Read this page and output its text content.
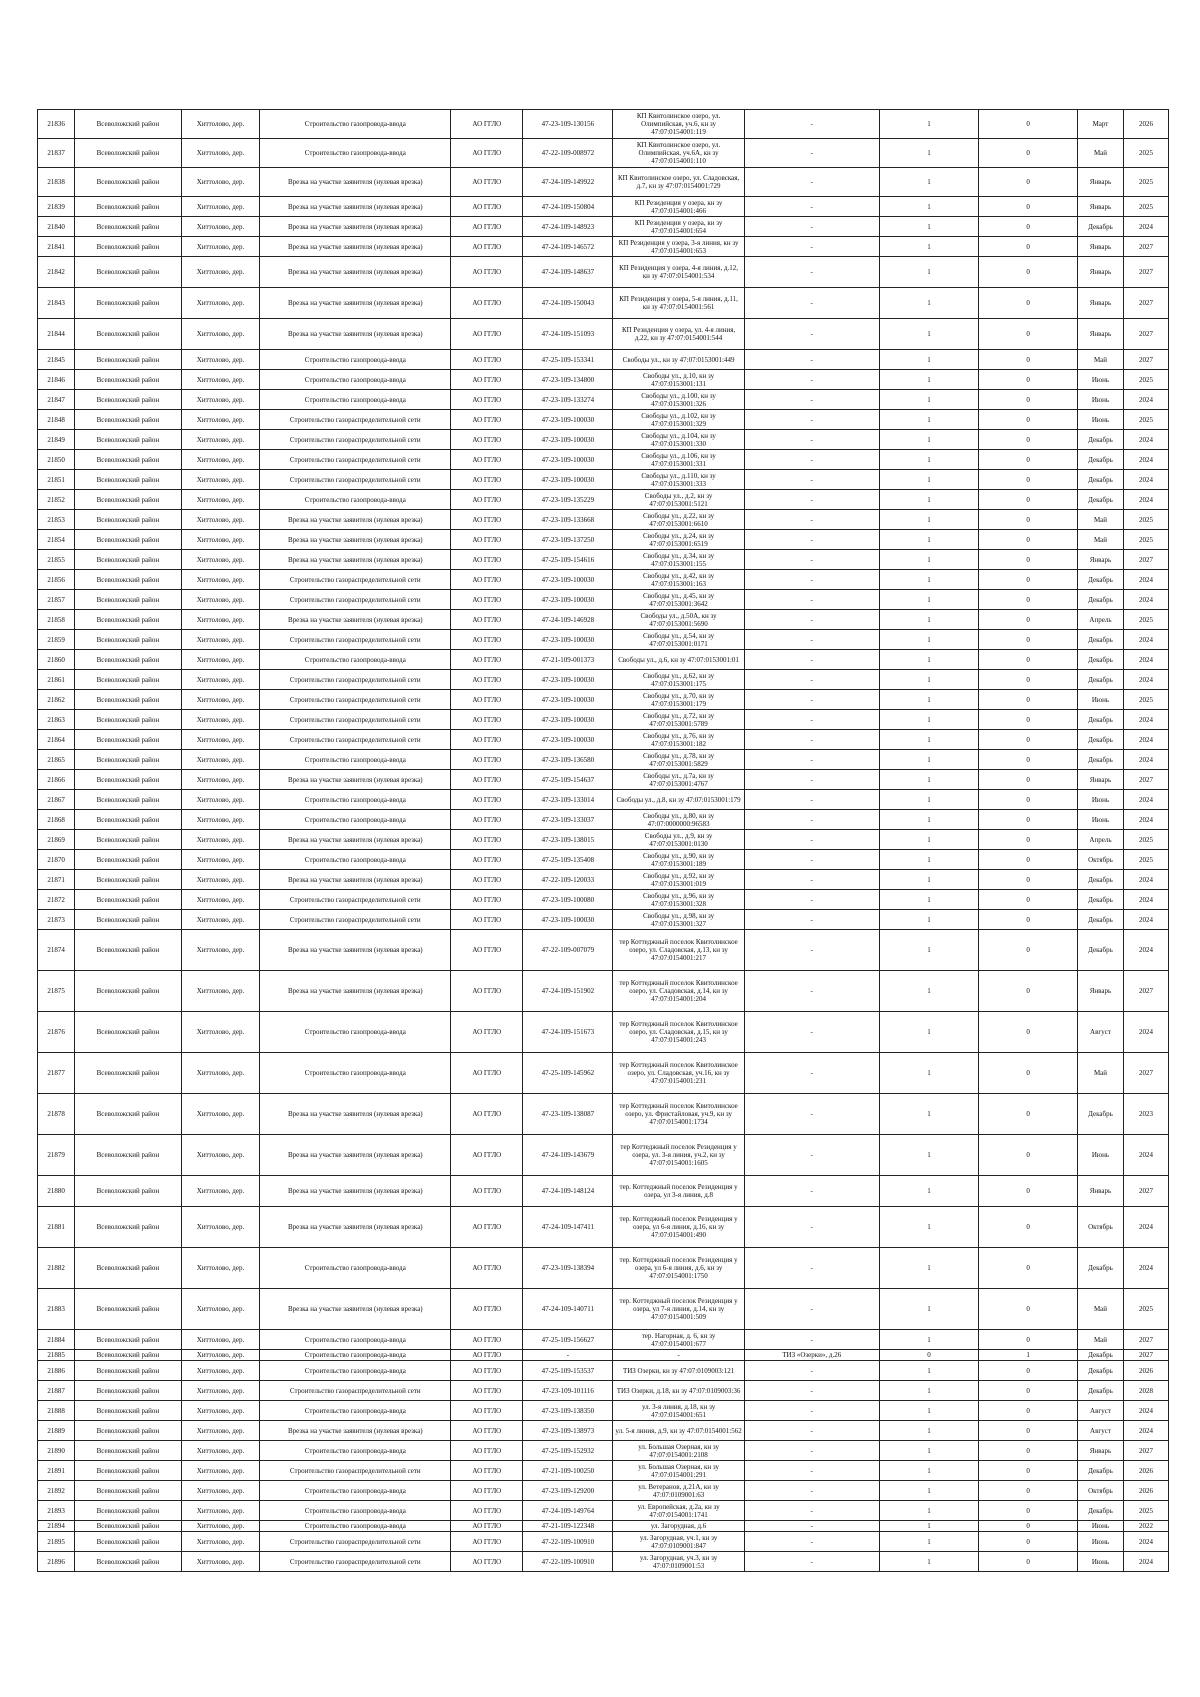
21836	Всеволожский район	Хиттолово, дер.	Строительство газопровода-ввода	АО ГГЛО	47-23-109-130156	КП Квитолинское озеро, ул. Олимпийская, уч.6, кн зу 47:07:0154001:119	-	1	0	Март	2026
21837	Всеволожский район	Хиттолово, дер.	Строительство газопровода-ввода	АО ГГЛО	47-22-109-008972	КП Квитолинское озеро, ул. Олимпийская, уч.6А, кн зу 47:07:0154001:110	-	1	0	Май	2025
21838	Всеволожский район	Хиттолово, дер.	Врезка на участке заявителя (нулевая врезка)	АО ГГЛО	47-24-109-149922	КП Квитолинское озеро, ул. Сладовская, д.7, кн зу 47:07:0154001:729	-	1	0	Январь	2025
21839	Всеволожский район	Хиттолово, дер.	Врезка на участке заявителя (нулевая врезка)	АО ГГЛО	47-24-109-150804	КП Резиденция у озера, кн зу 47:07:0154001:466	-	1	0	Январь	2025
21840	Всеволожский район	Хиттолово, дер.	Врезка на участке заявителя (нулевая врезка)	АО ГГЛО	47-24-109-148923	КП Резиденция у озера, кн зу 47:07:0154001:654	-	1	0	Декабрь	2024
21841	Всеволожский район	Хиттолово, дер.	Врезка на участке заявителя (нулевая врезка)	АО ГГЛО	47-24-109-146572	КП Резиденция у озера, 3-я линия, кн зу 47:07:0154001:653	-	1	0	Январь	2027
21842	Всеволожский район	Хиттолово, дер.	Врезка на участке заявителя (нулевая врезка)	АО ГГЛО	47-24-109-148637	КП Резиденция у озера, 4-я линия, д.12, кн зу 47:07:0154001:534	-	1	0	Январь	2027
21843	Всеволожский район	Хиттолово, дер.	Врезка на участке заявителя (нулевая врезка)	АО ГГЛО	47-24-109-150043	КП Резиденция у озера, 5-я линия, д.11, кн зу 47:07:0154001:561	-	1	0	Январь	2027
21844	Всеволожский район	Хиттолово, дер.	Врезка на участке заявителя (нулевая врезка)	АО ГГЛО	47-24-109-151093	КП Резиденция у озера, ул. 4-я линия, д.22, кн зу 47:07:0154001:544	-	1	0	Январь	2027
21845	Всеволожский район	Хиттолово, дер.	Строительство газопровода-ввода	АО ГГЛО	47-25-109-153341	Свободы ул., кн зу 47:07:0153001:449	-	1	0	Май	2027
21846	Всеволожский район	Хиттолово, дер.	Строительство газопровода-ввода	АО ГГЛО	47-23-109-134800	Свободы ул., д.10, кн зу 47:07:0153001:131	-	1	0	Июнь	2025
21847	Всеволожский район	Хиттолово, дер.	Строительство газопровода-ввода	АО ГГЛО	47-23-109-133274	Свободы ул., д.100, кн зу 47:07:0153001:326	-	1	0	Июнь	2024
21848	Всеволожский район	Хиттолово, дер.	Строительство газораспределительной сети	АО ГГЛО	47-23-109-100030	Свободы ул., д.102, кн зу 47:07:0153001:329	-	1	0	Июнь	2025
21849	Всеволожский район	Хиттолово, дер.	Строительство газораспределительной сети	АО ГГЛО	47-23-109-100030	Свободы ул., д.104, кн зу 47:07:0153001:330	-	1	0	Декабрь	2024
21850	Всеволожский район	Хиттолово, дер.	Строительство газораспределительной сети	АО ГГЛО	47-23-109-100030	Свободы ул., д.106, кн зу 47:07:0153001:331	-	1	0	Декабрь	2024
21851	Всеволожский район	Хиттолово, дер.	Строительство газораспределительной сети	АО ГГЛО	47-23-109-100030	Свободы ул., д.110, кн зу 47:07:0153001:333	-	1	0	Декабрь	2024
21852	Всеволожский район	Хиттолово, дер.	Строительство газопровода-ввода	АО ГГЛО	47-23-109-135229	Свободы ул., д.2, кн зу 47:07:0153001:5121	-	1	0	Декабрь	2024
21853	Всеволожский район	Хиттолово, дер.	Врезка на участке заявителя (нулевая врезка)	АО ГГЛО	47-23-109-133668	Свободы ул., д.22, кн зу 47:07:0153001:6610	-	1	0	Май	2025
21854	Всеволожский район	Хиттолово, дер.	Врезка на участке заявителя (нулевая врезка)	АО ГГЛО	47-23-109-137250	Свободы ул., д.24, кн зу 47:07:0153001:6519	-	1	0	Май	2025
21855	Всеволожский район	Хиттолово, дер.	Врезка на участке заявителя (нулевая врезка)	АО ГГЛО	47-25-109-154616	Свободы ул., д.34, кн зу 47:07:0153001:155	-	1	0	Январь	2027
21856	Всеволожский район	Хиттолово, дер.	Строительство газораспределительной сети	АО ГГЛО	47-23-109-100030	Свободы ул., д.42, кн зу 47:07:0153001:163	-	1	0	Декабрь	2024
21857	Всеволожский район	Хиттолово, дер.	Строительство газораспределительной сети	АО ГГЛО	47-23-109-100030	Свободы ул., д.45, кн зу 47:07:0153001:3642	-	1	0	Декабрь	2024
21858	Всеволожский район	Хиттолово, дер.	Врезка на участке заявителя (нулевая врезка)	АО ГГЛО	47-24-109-146928	Свободы ул., д.50А, кн зу 47:07:0153001:5690	-	1	0	Апрель	2025
21859	Всеволожский район	Хиттолово, дер.	Строительство газораспределительной сети	АО ГГЛО	47-23-109-100030	Свободы ул., д.54, кн зу 47:07:0153001:0171	-	1	0	Декабрь	2024
21860	Всеволожский район	Хиттолово, дер.	Строительство газопровода-ввода	АО ГГЛО	47-21-109-001373	Свободы ул., д.6, кн зу 47:07:0153001:01	-	1	0	Декабрь	2024
21861	Всеволожский район	Хиттолово, дер.	Строительство газораспределительной сети	АО ГГЛО	47-23-109-100030	Свободы ул., д.62, кн зу 47:07:0153001:175	-	1	0	Декабрь	2024
21862	Всеволожский район	Хиттолово, дер.	Строительство газораспределительной сети	АО ГГЛО	47-23-109-100030	Свободы ул., д.70, кн зу 47:07:0153001:179	-	1	0	Июнь	2025
21863	Всеволожский район	Хиттолово, дер.	Строительство газораспределительной сети	АО ГГЛО	47-23-109-100030	Свободы ул., д.72, кн зу 47:07:0153001:5789	-	1	0	Декабрь	2024
21864	Всеволожский район	Хиттолово, дер.	Строительство газораспределительной сети	АО ГГЛО	47-23-109-100030	Свободы ул., д.76, кн зу 47:07:0153001:182	-	1	0	Декабрь	2024
21865	Всеволожский район	Хиттолово, дер.	Строительство газопровода-ввода	АО ГГЛО	47-23-109-136580	Свободы ул., д.78, кн зу 47:07:0153001:5829	-	1	0	Декабрь	2024
21866	Всеволожский район	Хиттолово, дер.	Врезка на участке заявителя (нулевая врезка)	АО ГГЛО	47-25-109-154637	Свободы ул., д.7а, кн зу 47:07:0153001:4767	-	1	0	Январь	2027
21867	Всеволожский район	Хиттолово, дер.	Строительство газопровода-ввода	АО ГГЛО	47-23-109-133014	Свободы ул., д.8, кн зу 47:07:0153001:179	-	1	0	Июнь	2024
21868	Всеволожский район	Хиттолово, дер.	Строительство газопровода-ввода	АО ГГЛО	47-23-109-133037	Свободы ул., д.80, кн зу 47:07:0000000:96583	-	1	0	Июнь	2024
21869	Всеволожский район	Хиттолово, дер.	Врезка на участке заявителя (нулевая врезка)	АО ГГЛО	47-23-109-138015	Свободы ул., д.9, кн зу 47:07:0153001:0130	-	1	0	Апрель	2025
21870	Всеволожский район	Хиттолово, дер.	Строительство газопровода-ввода	АО ГГЛО	47-25-109-135408	Свободы ул., д.90, кн зу 47:07:0153001:189	-	1	0	Октябрь	2025
21871	Всеволожский район	Хиттолово, дер.	Врезка на участке заявителя (нулевая врезка)	АО ГГЛО	47-22-109-120033	Свободы ул., д.92, кн зу 47:07:0153001:019	-	1	0	Декабрь	2024
21872	Всеволожский район	Хиттолово, дер.	Строительство газораспределительной сети	АО ГГЛО	47-23-109-100080	Свободы ул., д.96, кн зу 47:07:0153001:328	-	1	0	Декабрь	2024
21873	Всеволожский район	Хиттолово, дер.	Строительство газораспределительной сети	АО ГГЛО	47-23-109-100030	Свободы ул., д.98, кн зу 47:07:0153001:327	-	1	0	Декабрь	2024
21874	Всеволожский район	Хиттолово, дер.	Врезка на участке заявителя (нулевая врезка)	АО ГГЛО	47-22-109-007079	тер Коттеджный поселок Квитолинское озеро, ул. Сладовская, д.13, кн зу 47:07:0154001:217	-	1	0	Декабрь	2024
21875	Всеволожский район	Хиттолово, дер.	Врезка на участке заявителя (нулевая врезка)	АО ГГЛО	47-24-109-151902	тер Коттеджный поселок Квитолинское озеро, ул. Сладовская, д.14, кн зу 47:07:0154001:204	-	1	0	Январь	2027
21876	Всеволожский район	Хиттолово, дер.	Строительство газопровода-ввода	АО ГГЛО	47-24-109-151673	тер Коттеджный поселок Квитолинское озеро, ул. Сладовская, д.15, кн зу 47:07:0154001:243	-	1	0	Август	2024
21877	Всеволожский район	Хиттолово, дер.	Строительство газопровода-ввода	АО ГГЛО	47-25-109-145962	тер Коттеджный поселок Квитолинское озеро, ул. Сладовская, уч.16, кн зу 47:07:0154001:231	-	1	0	Май	2027
21878	Всеволожский район	Хиттолово, дер.	Врезка на участке заявителя (нулевая врезка)	АО ГГЛО	47-23-109-138087	тер Коттеджный поселок Квитолинское озеро, ул. Фристайловая, уч.9, кн зу 47:07:0154001:1734	-	1	0	Декабрь	2023
21879	Всеволожский район	Хиттолово, дер.	Врезка на участке заявителя (нулевая врезка)	АО ГГЛО	47-24-109-143679	тер Коттеджный поселок Резиденция у озера, ул. 3-я линия, уч.2, кн зу 47:07:0154001:1605	-	1	0	Июнь	2024
21880	Всеволожский район	Хиттолово, дер.	Врезка на участке заявителя (нулевая врезка)	АО ГГЛО	47-24-109-148124	тер. Коттеджный поселок Резиденция у озера, ул 3-я линия, д.8	-	1	0	Январь	2027
21881	Всеволожский район	Хиттолово, дер.	Врезка на участке заявителя (нулевая врезка)	АО ГГЛО	47-24-109-147411	тер. Коттеджный поселок Резиденция у озера, ул 6-я линия, д.16, кн зу 47:07:0154001:490	-	1	0	Октябрь	2024
21882	Всеволожский район	Хиттолово, дер.	Строительство газопровода-ввода	АО ГГЛО	47-23-109-138394	тер. Коттеджный поселок Резиденция у озера, ул 6-я линия, д.6, кн зу 47:07:0154001:1750	-	1	0	Декабрь	2024
21883	Всеволожский район	Хиттолово, дер.	Врезка на участке заявителя (нулевая врезка)	АО ГГЛО	47-24-109-140711	тер. Коттеджный поселок Резиденция у озера, ул 7-я линия, д.14, кн зу 47:07:0154001:509	-	1	0	Май	2025
21884	Всеволожский район	Хиттолово, дер.	Строительство газопровода-ввода	АО ГГЛО	47-25-109-156627	тер. Нагорная, д. 6, кн зу 47:07:0154001:677	-	1	0	Май	2027
21885	Всеволожский район	Хиттолово, дер.	Строительство газопровода-ввода	АО ГГЛО	-	-	ТИЗ «Озерки», д.26	0	1	Декабрь	2027
21886	Всеволожский район	Хиттолово, дер.	Строительство газопровода-ввода	АО ГГЛО	47-25-109-153537	ТИЗ Озерки, кн зу 47:07:0109003:121	-	1	0	Декабрь	2026
21887	Всеволожский район	Хиттолово, дер.	Строительство газораспределительной сети	АО ГГЛО	47-23-109-101116	ТИЗ Озерки, д.18, кн зу 47:07:0109003:36	-	1	0	Декабрь	2028
21888	Всеволожский район	Хиттолово, дер.	Строительство газопровода-ввода	АО ГГЛО	47-23-109-138350	ул. 3-я линия, д.18, кн зу 47:07:0154001:651	-	1	0	Август	2024
21889	Всеволожский район	Хиттолово, дер.	Врезка на участке заявителя (нулевая врезка)	АО ГГЛО	47-23-109-138973	ул. 5-я линия, д.9, кн зу 47:07:0154001:562	-	1	0	Август	2024
21890	Всеволожский район	Хиттолово, дер.	Строительство газопровода-ввода	АО ГГЛО	47-25-109-152932	ул. Большая Озерная, кн зу 47:07:0154001:2108	-	1	0	Январь	2027
21891	Всеволожский район	Хиттолово, дер.	Строительство газораспределительной сети	АО ГГЛО	47-21-109-100250	ул. Большая Озерная, кн зу 47:07:0154001:291	-	1	0	Декабрь	2026
21892	Всеволожский район	Хиттолово, дер.	Строительство газопровода-ввода	АО ГГЛО	47-23-109-129200	ул. Ветеранов, д.21А, кн зу 47:07:0109001:63	-	1	0	Октябрь	2026
21893	Всеволожский район	Хиттолово, дер.	Строительство газопровода-ввода	АО ГГЛО	47-24-109-149764	ул. Европейская, д.2а, кн зу 47:07:0154001:1741	-	1	0	Декабрь	2025
21894	Всеволожский район	Хиттолово, дер.	Строительство газопровода-ввода	АО ГГЛО	47-21-109-122348	ул. Загорудная, д.6	-	1	0	Июнь	2022
21895	Всеволожский район	Хиттолово, дер.	Строительство газораспределительной сети	АО ГГЛО	47-22-109-100910	ул. Загорудная, уч.1, кн зу 47:07:0109001:847	-	1	0	Июнь	2024
21896	Всеволожский район	Хиттолово, дер.	Строительство газораспределительной сети	АО ГГЛО	47-22-109-100910	ул. Загорудная, уч.3, кн зу 47:07:0109001:53	-	1	0	Июнь	2024
